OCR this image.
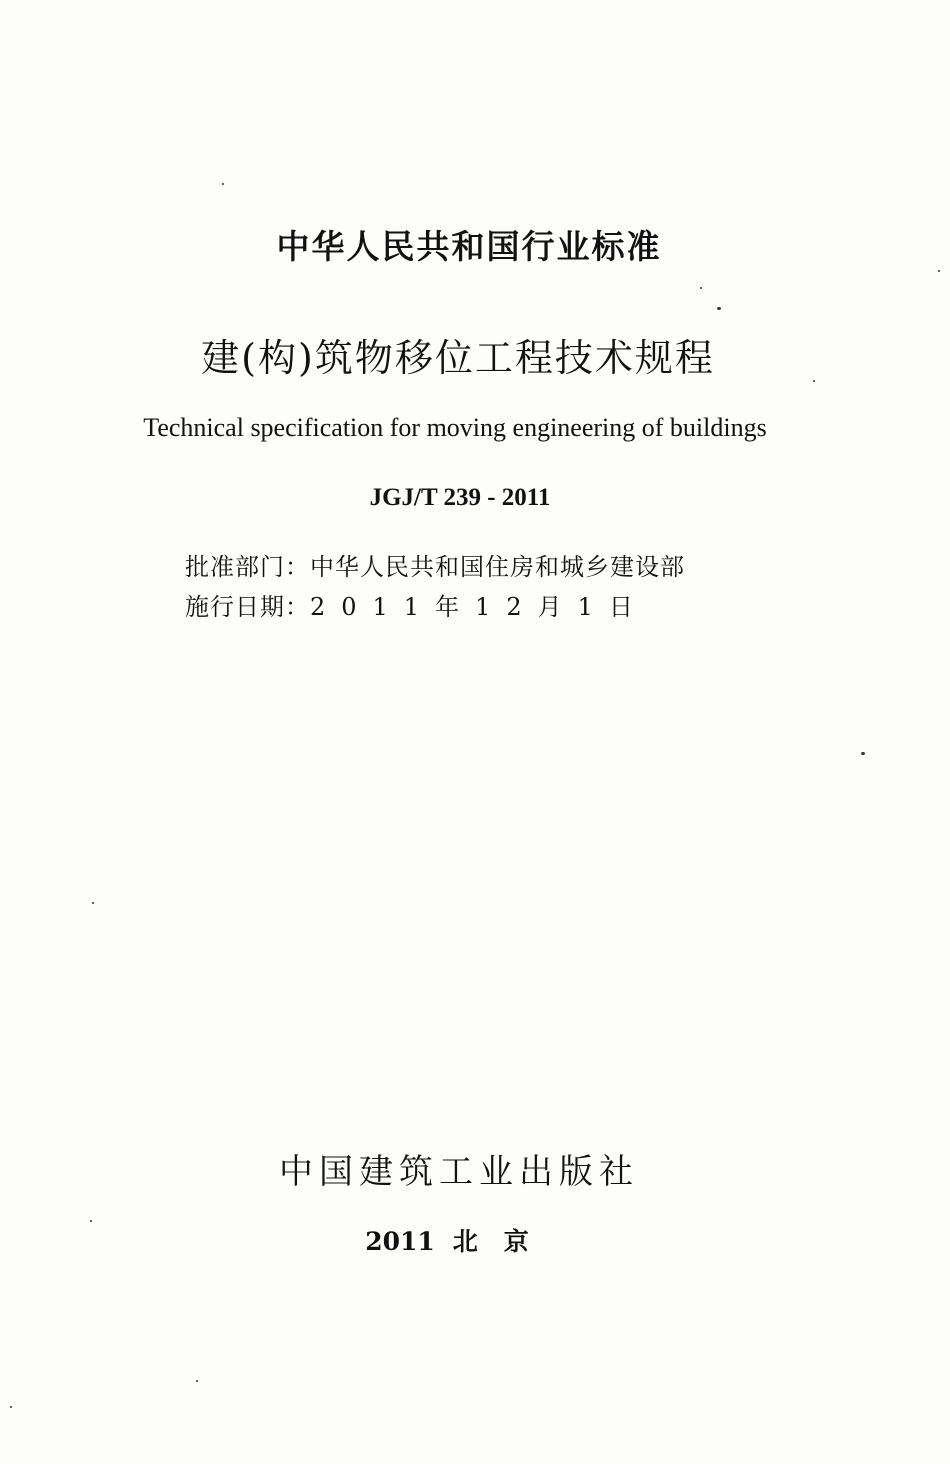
中华人民共和国行业标准
建(构)筑物移位工程技术规程
Technical specification for moving engineering of buildings
JGJ/T 239 - 2011
批准部门：中华人民共和国住房和城乡建设部
施行日期：2011年12月1日
中国建筑工业出版社
2011 北京
